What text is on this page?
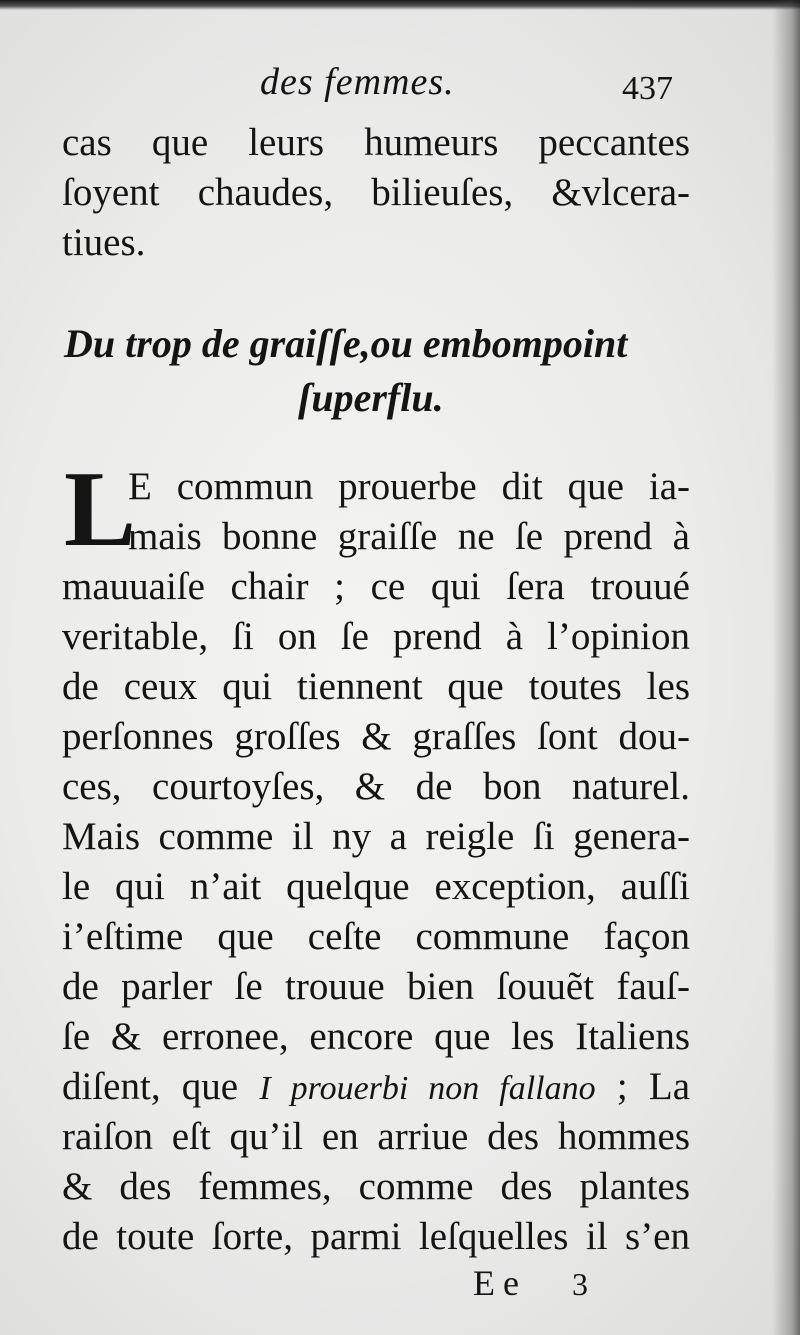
des femmes.	437
cas que leurs humeurs peccantes
ſoyent chaudes, bilieuſes, &vlcera-
tiues.
Du trop de graiſſe,ou embompoint
ſuperflu.
L
E commun prouerbe dit que ia-
mais bonne graiſſe ne ſe prend à
mauuaiſe chair ; ce qui ſera trouué
veritable, ſi on ſe prend à l’opinion
de ceux qui tiennent que toutes les
perſonnes groſſes & graſſes ſont dou-
ces, courtoyſes, & de bon naturel.
Mais comme il ny a reigle ſi genera-
le qui n’ait quelque exception, auſſi
i’eſtime que ceſte commune façon
de parler ſe trouue bien ſouuẽt fauſ-
ſe & erronee, encore que les Italiens
diſent, que I prouerbi non fallano ; La
raiſon eſt qu’il en arriue des hommes
& des femmes, comme des plantes
de toute ſorte, parmi leſquelles il s’en
Ee 3
